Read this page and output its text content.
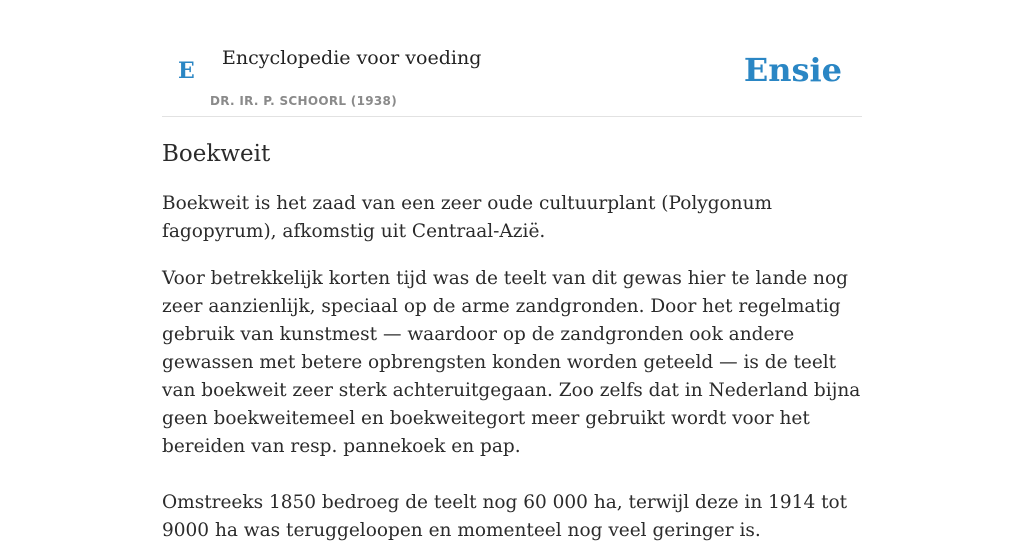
E Encyclopedie voor voeding
DR. IR. P. SCHOORL (1938)
Ensie
Boekweit

Boekweit is het zaad van een zeer oude cultuurplant (Polygonum fagopyrum), afkomstig uit Centraal-Azië.

Voor betrekkelijk korten tijd was de teelt van dit gewas hier te lande nog zeer aanzienlijk, speciaal op de arme zandgronden. Door het regelmatig gebruik van kunstmest — waardoor op de zandgronden ook andere gewassen met betere opbrengsten konden worden geteeld — is de teelt van boekweit zeer sterk achteruitgegaan. Zoo zelfs dat in Nederland bijna geen boekweitemeel en boekweitegort meer gebruikt wordt voor het bereiden van resp. pannekoek en pap.

Omstreeks 1850 bedroeg de teelt nog 60 000 ha, terwijl deze in 1914 tot 9000 ha was teruggeloopen en momenteel nog veel geringer is.
